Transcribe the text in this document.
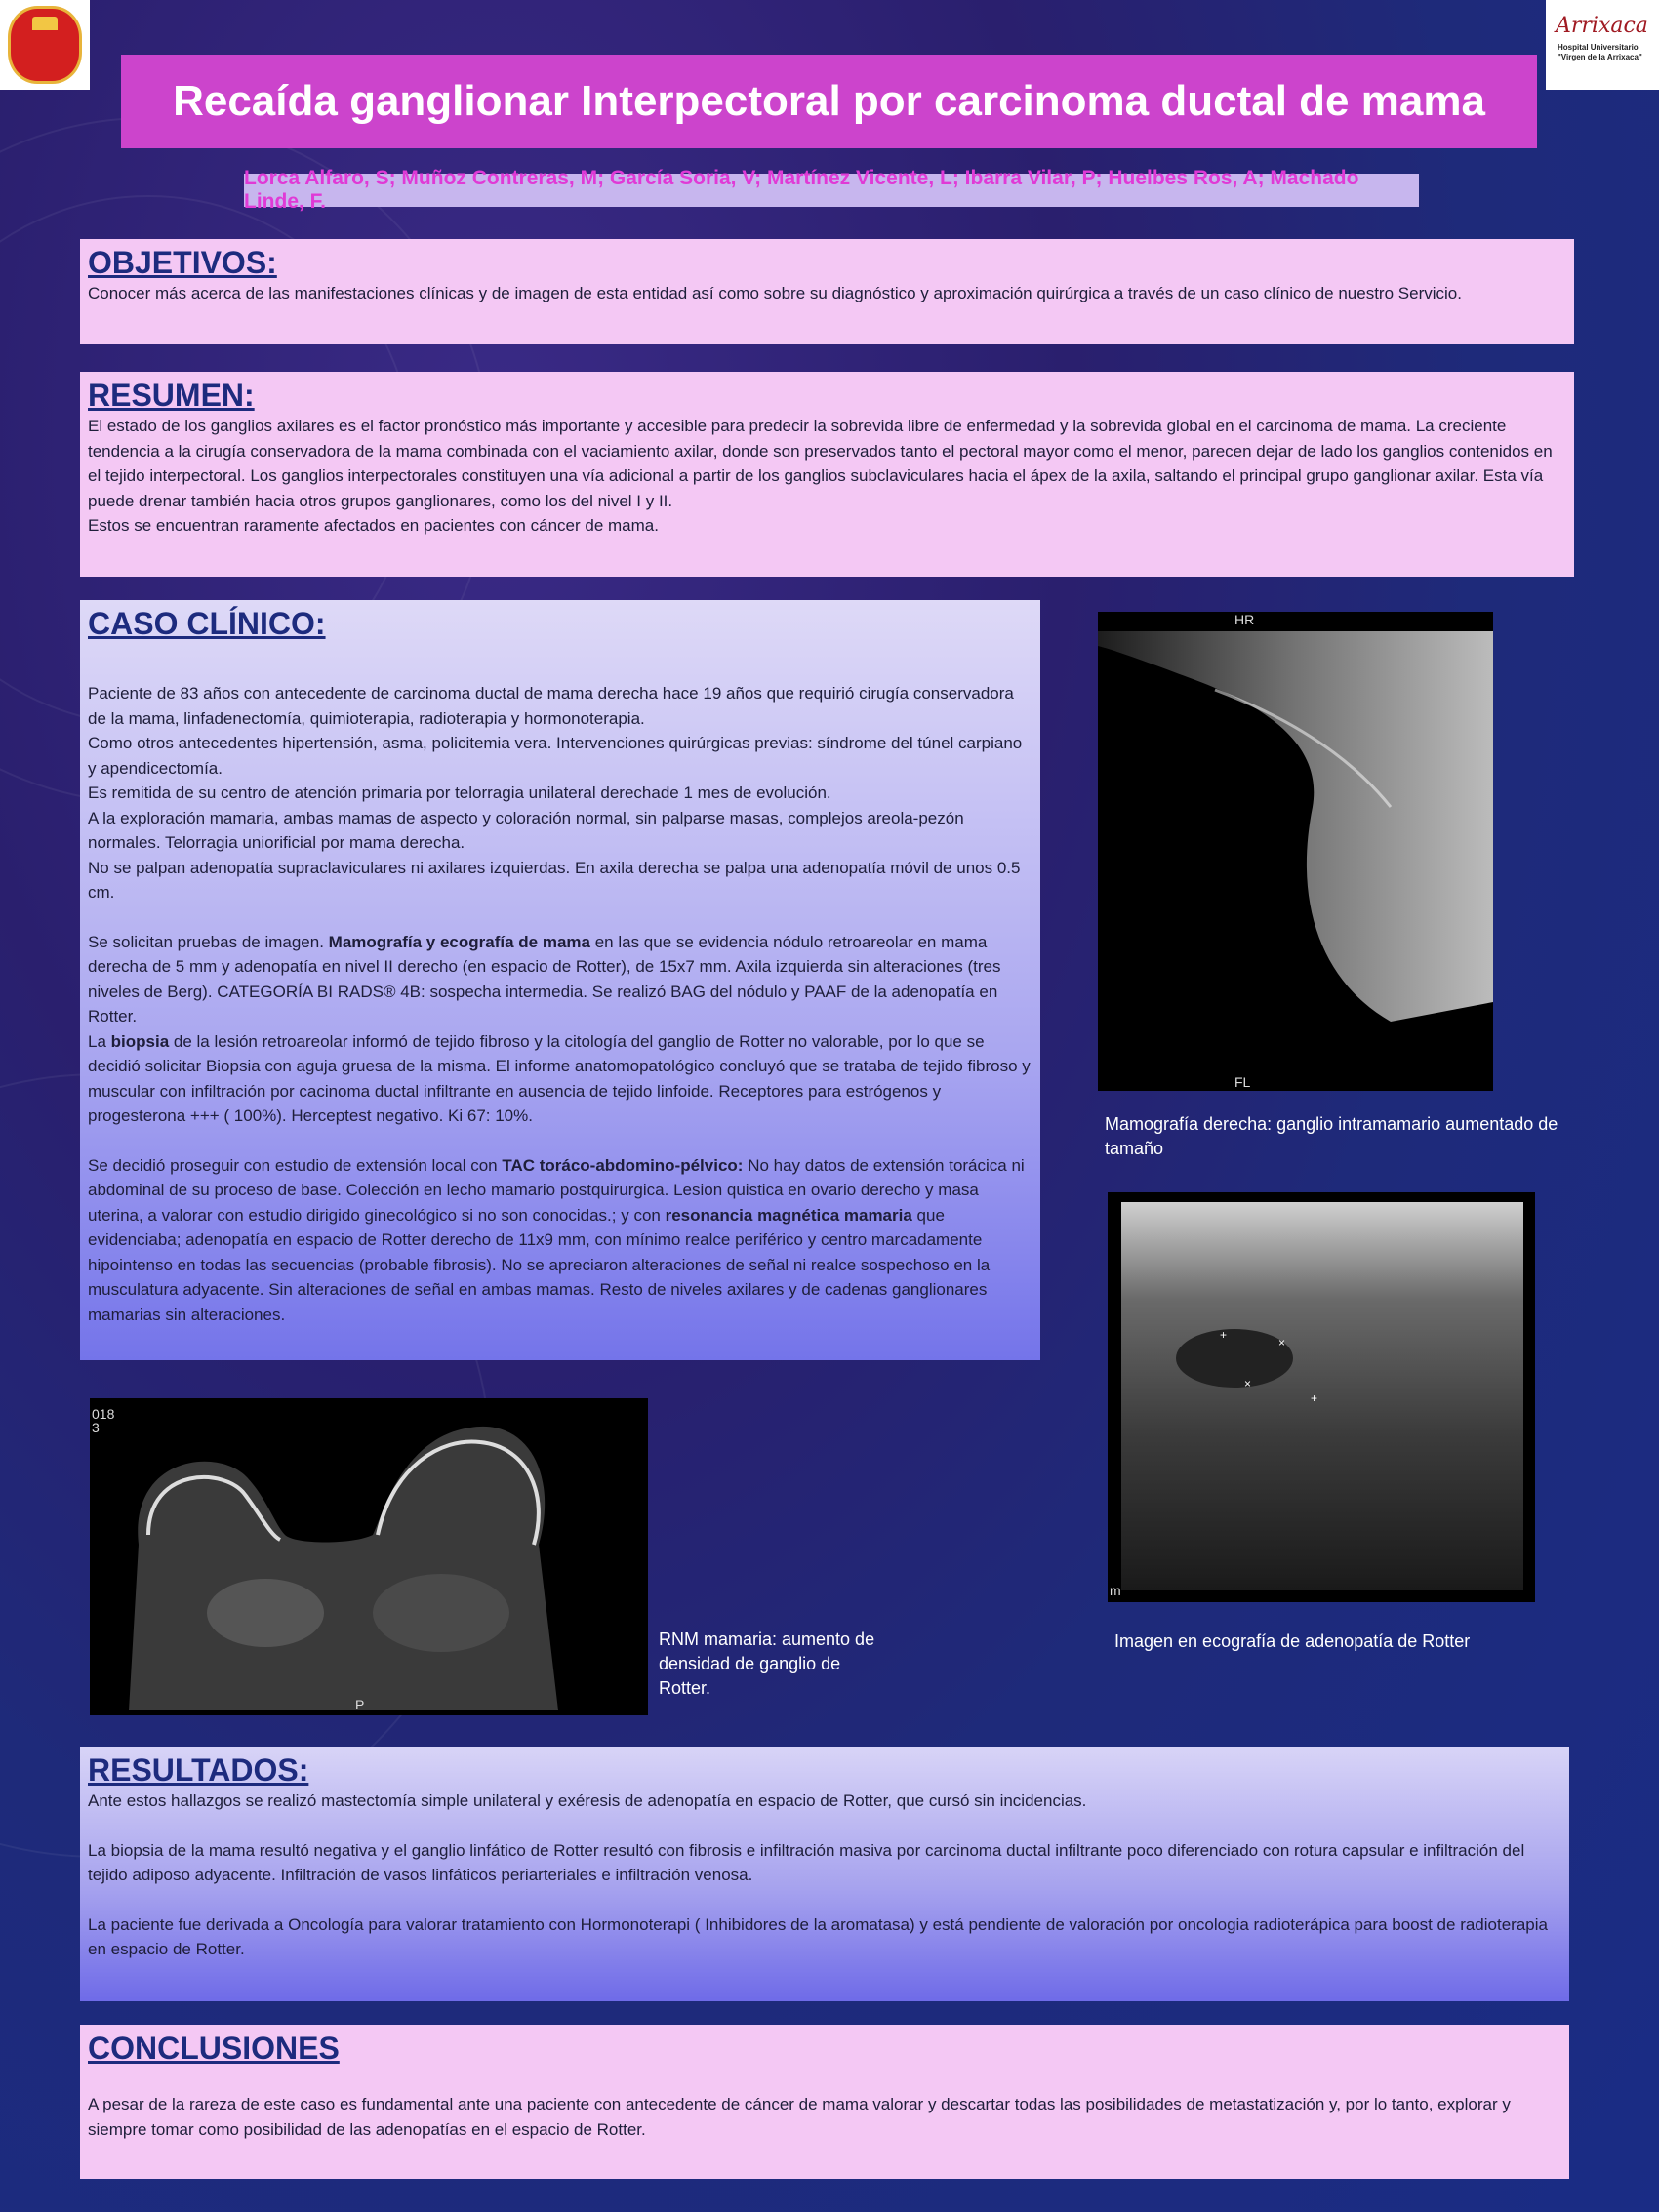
Arrixaca
Hospital Universitario "Virgen de la Arrixaca"
Recaída ganglionar Interpectoral por carcinoma ductal de mama
Lorca Alfaro, S; Muñoz Contreras, M; García Soria, V; Martínez Vicente, L; Ibarra Vilar, P; Huelbes Ros, A; Machado Linde, F.
OBJETIVOS:

Conocer más acerca de las manifestaciones clínicas y de imagen de esta entidad así como sobre su diagnóstico y aproximación quirúrgica a través de un caso clínico de nuestro Servicio.

RESUMEN:

El estado de los ganglios axilares es el factor pronóstico más importante y accesible para predecir la sobrevida libre de enfermedad y la sobrevida global en el carcinoma de mama. La creciente tendencia a la cirugía conservadora de la mama combinada con el vaciamiento axilar, donde son preservados tanto el pectoral mayor como el menor, parecen dejar de lado los ganglios contenidos en el tejido interpectoral. Los ganglios interpectorales constituyen una vía adicional a partir de los ganglios subclaviculares hacia el ápex de la axila, saltando el principal grupo ganglionar axilar. Esta vía puede drenar también hacia otros grupos ganglionares, como los del nivel I y II.

Estos se encuentran raramente afectados en pacientes con cáncer de mama.

CASO CLÍNICO:

Paciente de 83 años con antecedente de carcinoma ductal de mama derecha hace 19 años que requirió cirugía conservadora de la mama, linfadenectomía, quimioterapia, radioterapia y hormonoterapia.

Como otros antecedentes hipertensión, asma, policitemia vera. Intervenciones quirúrgicas previas: síndrome del túnel carpiano y apendicectomía.

Es remitida de su centro de atención primaria por telorragia unilateral derechade 1 mes de evolución.

A la exploración mamaria, ambas mamas de aspecto y coloración normal, sin palparse masas, complejos areola-pezón normales. Telorragia uniorificial por mama derecha.

No se palpan adenopatía supraclaviculares ni axilares izquierdas. En axila derecha se palpa una adenopatía móvil de unos 0.5 cm.

Se solicitan pruebas de imagen. Mamografía y ecografía de mama en las que se evidencia nódulo retroareolar en mama derecha de 5 mm y adenopatía en nivel II derecho (en espacio de Rotter), de 15x7 mm. Axila izquierda sin alteraciones (tres niveles de Berg). CATEGORÍA BI RADS® 4B: sospecha intermedia. Se realizó BAG del nódulo y PAAF de la adenopatía en Rotter.

La biopsia de la lesión retroareolar informó de tejido fibroso y la citología del ganglio de Rotter no valorable, por lo que se decidió solicitar Biopsia con aguja gruesa de la misma. El informe anatomopatológico concluyó que se trataba de tejido fibroso y muscular con infiltración por cacinoma ductal infiltrante en ausencia de tejido linfoide. Receptores para estrógenos y progesterona +++ ( 100%). Herceptest negativo. Ki 67: 10%.

Se decidió proseguir con estudio de extensión local con TAC toráco-abdomino-pélvico: No hay datos de extensión torácica ni abdominal de su proceso de base. Colección en lecho mamario postquirurgica. Lesion quistica en ovario derecho y masa uterina, a valorar con estudio dirigido ginecológico si no son conocidas.; y con resonancia magnética mamaria que evidenciaba; adenopatía en espacio de Rotter derecho de 11x9 mm, con mínimo realce periférico y centro marcadamente hipointenso en todas las secuencias (probable fibrosis). No se apreciaron alteraciones de señal ni realce sospechoso en la musculatura adyacente. Sin alteraciones de señal en ambas mamas. Resto de niveles axilares y de cadenas ganglionares mamarias sin alteraciones.

HR
FL
Mamografía derecha: ganglio intramamario aumentado de tamaño
+
×
×
+
m
Imagen en ecografía de adenopatía de Rotter
018
3
P
RNM mamaria: aumento de densidad de ganglio de Rotter.
RESULTADOS:

Ante estos hallazgos se realizó mastectomía simple unilateral y exéresis de adenopatía en espacio de Rotter, que cursó sin incidencias.

La biopsia de la mama resultó negativa y el ganglio linfático de Rotter resultó con fibrosis e infiltración masiva por carcinoma ductal infiltrante poco diferenciado con rotura capsular e infiltración del tejido adiposo adyacente. Infiltración de vasos linfáticos periarteriales e infiltración venosa.

La paciente fue derivada a Oncología para valorar tratamiento con Hormonoterapi ( Inhibidores de la aromatasa) y está pendiente de valoración por oncologia radioterápica para boost de radioterapia en espacio de Rotter.

CONCLUSIONES

A pesar de la rareza de este caso es fundamental ante una paciente con antecedente de cáncer de mama valorar y descartar todas las posibilidades de metastatización y, por lo tanto, explorar y siempre tomar como posibilidad de las adenopatías en el espacio de Rotter.
